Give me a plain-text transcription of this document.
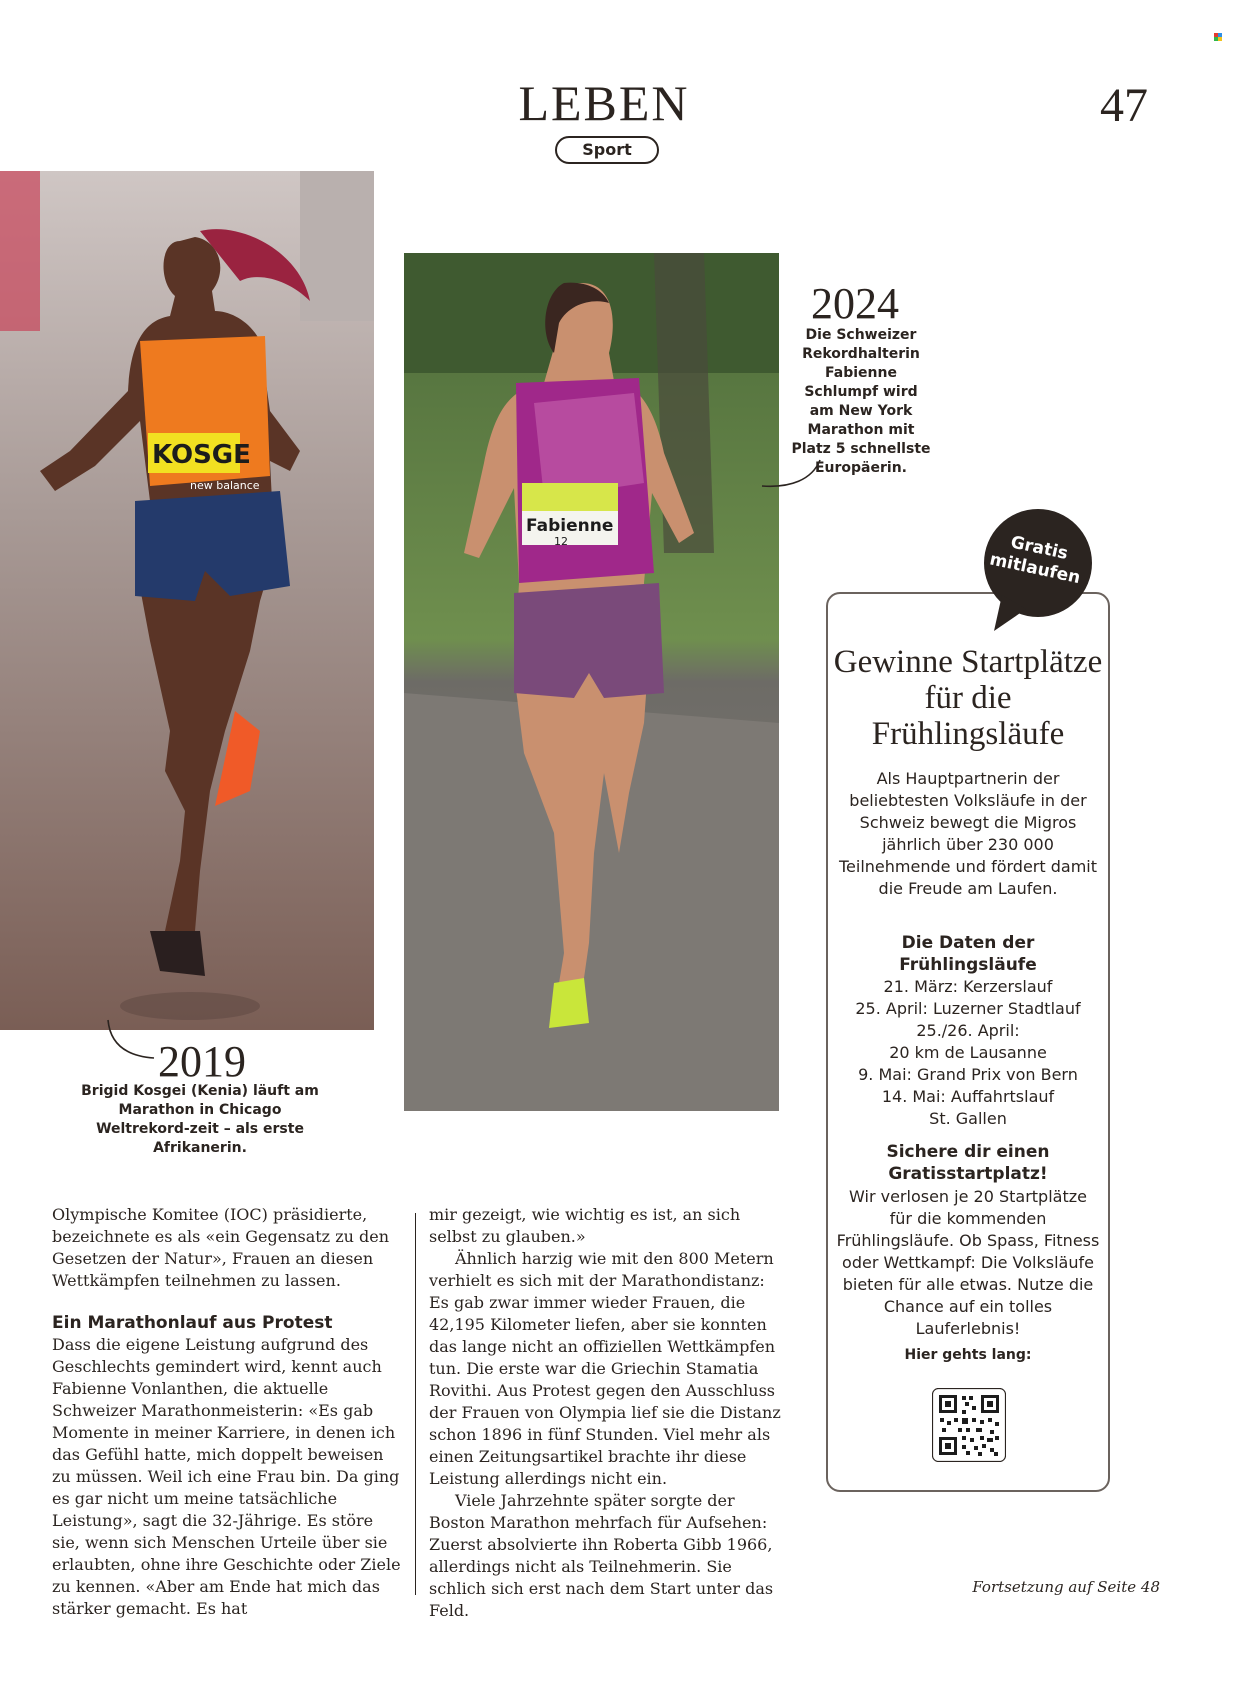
LEBEN
Sport
47
KOSGE
new balance
2019
Brigid Kosgei (Kenia) läuft am Marathon in Chicago Weltrekord-zeit – als erste Afrikanerin.
Fabienne
12
2024
Die Schweizer Rekordhalterin Fabienne Schlumpf wird am New York Marathon mit Platz 5 schnellste Europäerin.

Olympische Komitee (IOC) präsidierte, bezeichnete es als «ein Gegensatz zu den Gesetzen der Natur», Frauen an diesen Wettkämpfen teilnehmen zu lassen.

Ein Marathonlauf aus Protest

Dass die eigene Leistung aufgrund des Geschlechts gemindert wird, kennt auch Fabienne Vonlanthen, die aktuelle Schweizer Marathonmeisterin: «Es gab Momente in meiner Karriere, in denen ich das Gefühl hatte, mich doppelt beweisen zu müssen. Weil ich eine Frau bin. Da ging es gar nicht um meine tatsächliche Leistung», sagt die 32-Jährige. Es störe sie, wenn sich Menschen Urteile über sie erlaubten, ohne ihre Geschichte oder Ziele zu kennen. «Aber am Ende hat mich das stärker gemacht. Es hat

mir gezeigt, wie wichtig es ist, an sich selbst zu glauben.»

Ähnlich harzig wie mit den 800 Metern verhielt es sich mit der Marathondistanz: Es gab zwar immer wieder Frauen, die 42,195 Kilometer liefen, aber sie konnten das lange nicht an offiziellen Wettkämpfen tun. Die erste war die Griechin Stamatia Rovithi. Aus Protest gegen den Ausschluss der Frauen von Olympia lief sie die Distanz schon 1896 in fünf Stunden. Viel mehr als einen Zeitungsartikel brachte ihr diese Leistung allerdings nicht ein.

Viele Jahrzehnte später sorgte der Boston Marathon mehrfach für Aufsehen: Zuerst absolvierte ihn Roberta Gibb 1966, allerdings nicht als Teilnehmerin. Sie schlich sich erst nach dem Start unter das Feld.

Fortsetzung auf Seite 48
Gratis mitlaufen
Gewinne Startplätze für die Frühlingsläufe
Als Hauptpartnerin der beliebtesten Volksläufe in der Schweiz bewegt die Migros jährlich über 230 000 Teilnehmende und fördert damit die Freude am Laufen.
Die Daten der Frühlingsläufe
21. März: Kerzerslauf
25. April: Luzerner Stadtlauf
25./26. April:
20 km de Lausanne
9. Mai: Grand Prix von Bern
14. Mai: Auffahrtslauf
St. Gallen
Sichere dir einen Gratisstartplatz!
Wir verlosen je 20 Startplätze für die kommenden Frühlingsläufe. Ob Spass, Fitness oder Wettkampf: Die Volksläufe bieten für alle etwas. Nutze die Chance auf ein tolles Lauferlebnis!
Hier gehts lang:
